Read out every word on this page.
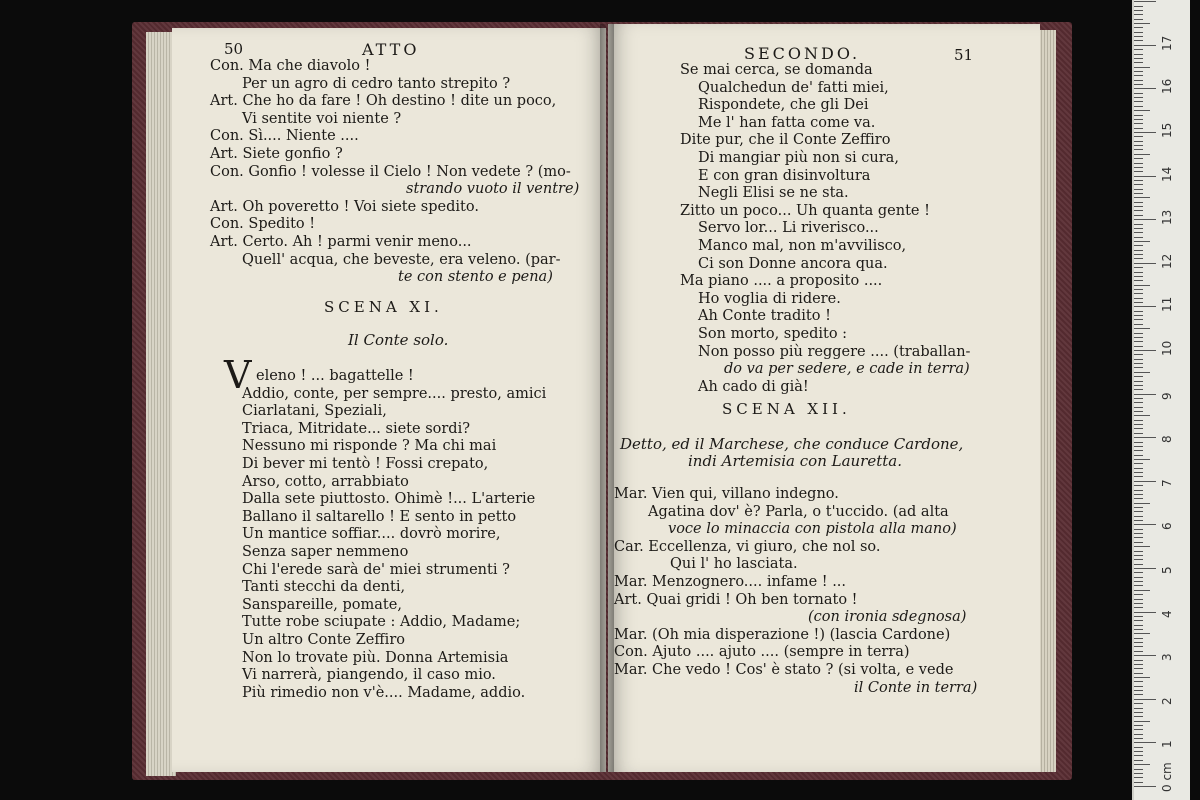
50	ATTO
Con. Ma che diavolo !
Per un agro di cedro tanto strepito ?
Art. Che ho da fare ! Oh destino ! dite un poco,
Vi sentite voi niente ?
Con. Sì.... Niente ....
Art. Siete gonfio ?
Con. Gonfio ! volesse il Cielo ! Non vedete ? (mo-
strando vuoto il ventre)
Art. Oh poveretto ! Voi siete spedito.
Con. Spedito !
Art. Certo. Ah ! parmi venir meno...
Quell' acqua, che beveste, era veleno. (par-
te con stento e pena)
SCENA XI.
Il Conte solo.
V eleno ! ... bagattelle !
Addio, conte, per sempre.... presto, amici
Ciarlatani, Speziali,
Triaca, Mitridate... siete sordi?
Nessuno mi risponde ? Ma chi mai
Di bever mi tentò ! Fossi crepato,
Arso, cotto, arrabbiato
Dalla sete piuttosto. Ohimè !... L'arterie
Ballano il saltarello ! E sento in petto
Un mantice soffiar.... dovrò morire,
Senza saper nemmeno
Chi l'erede sarà de' miei strumenti ?
Tanti stecchi da denti,
Sanspareille, pomate,
Tutte robe sciupate : Addio, Madame;
Un altro Conte Zeffiro
Non lo trovate più. Donna Artemisia
Vi narrerà, piangendo, il caso mio.
Più rimedio non v'è.... Madame, addio.
SECONDO.	51
Se mai cerca, se domanda
Qualchedun de' fatti miei,
Rispondete, che gli Dei
Me l' han fatta come va.
Dite pur, che il Conte Zeffiro
Di mangiar più non si cura,
E con gran disinvoltura
Negli Elisi se ne sta.
Zitto un poco... Uh quanta gente !
Servo lor... Li riverisco...
Manco mal, non m'avvilisco,
Ci son Donne ancora qua.
Ma piano .... a proposito ....
Ho voglia di ridere.
Ah Conte tradito !
Son morto, spedito :
Non posso più reggere .... (traballan-
do va per sedere, e cade in terra)
Ah cado di già!
SCENA XII.
Detto, ed il Marchese, che conduce Cardone,
indi Artemisia con Lauretta.
Mar. Vien qui, villano indegno.
Agatina dov' è? Parla, o t'uccido. (ad alta
voce lo minaccia con pistola alla mano)
Car. Eccellenza, vi giuro, che nol so.
Qui l' ho lasciata.
Mar. Menzognero.... infame ! ...
Art. Quai gridi ! Oh ben tornato !
(con ironia sdegnosa)
Mar. (Oh mia disperazione !) (lascia Cardone)
Con. Ajuto .... ajuto .... (sempre in terra)
Mar. Che vedo ! Cos' è stato ? (si volta, e vede
il Conte in terra)
0 cm
1
2
3
4
5
6
7
8
9
10
11
12
13
14
15
16
17
